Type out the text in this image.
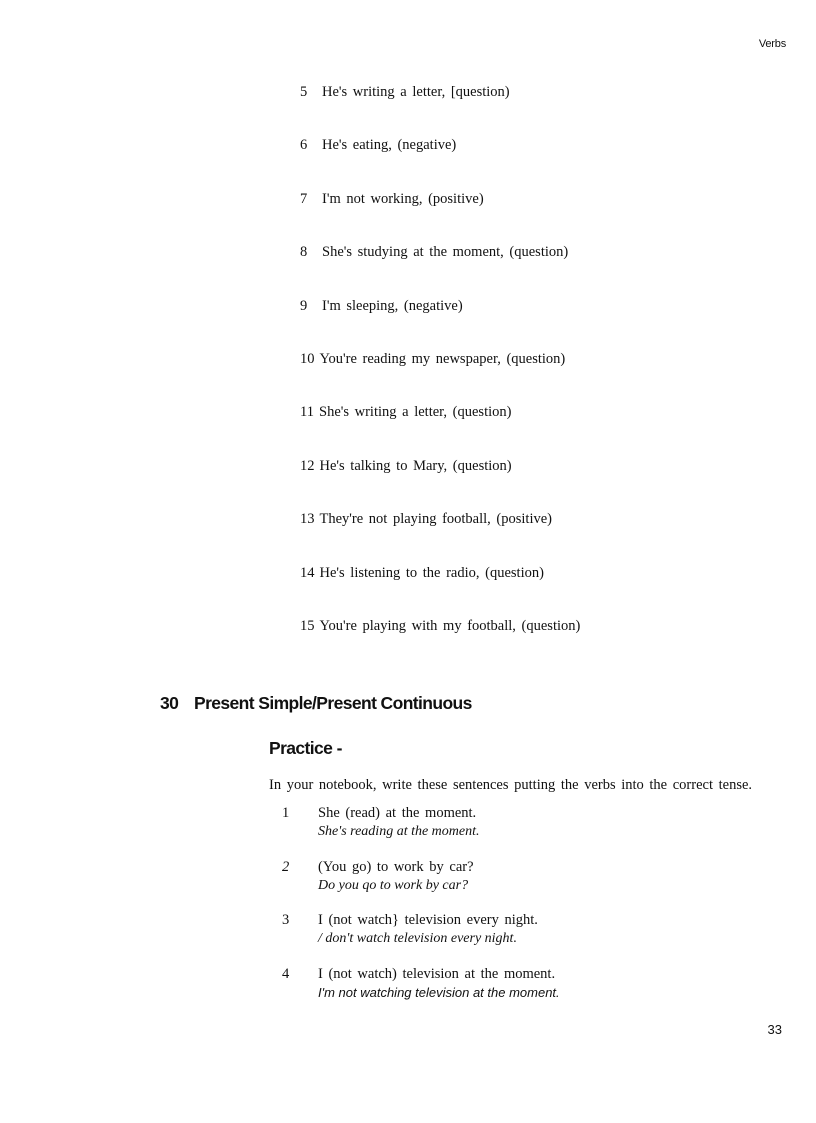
Verbs
5 He's writing a letter, [question)
6 He's eating, (negative)
7 I'm not working, (positive)
8 She's studying at the moment, (question)
9 I'm sleeping, (negative)
10 You're reading my newspaper, (question)
11 She's writing a letter, (question)
12 He's talking to Mary, (question)
13 They're not playing football, (positive)
14 He's listening to the radio, (question)
15 You're playing with my football, (question)
30 Present Simple/Present Continuous
Practice -

In your notebook, write these sentences putting the verbs into the correct tense.

1 She (read) at the moment.
She's reading at the moment.
2 (You go) to work by car?
Do you qo to work by car?
3 I (not watch} television every night.
/ don't watch television every night.
4 I (not watch) television at the moment.
I'm not watching television at the moment.
33
